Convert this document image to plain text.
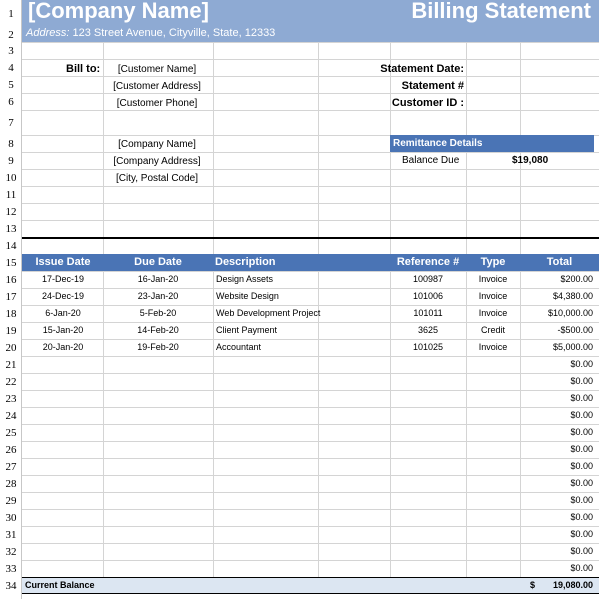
[Company Name]	Billing Statement
Address: 123 Street Avenue, Cityville, State, 12333
1
2
3
4
5
6
7
8
9
10
11
12
13
14
15
16
17
18
19
20
21
22
23
24
25
26
27
28
29
30
31
32
33
34
Bill to:	[Customer Name]
[Customer Address]
[Customer Phone]
[Company Name]
[Company Address]
[City, Postal Code]
Statement Date:
Statement #
Customer ID :
Remittance Details
Balance Due	$19,080
Issue Date	Due Date	Description	Reference #	Type	Total
17-Dec-19	16-Jan-20	Design Assets	100987	Invoice	$200.00
24-Dec-19	23-Jan-20	Website Design	101006	Invoice	$4,380.00
6-Jan-20	5-Feb-20	Web Development Project	101011	Invoice	$10,000.00
15-Jan-20	14-Feb-20	Client Payment	3625	Credit	-$500.00
20-Jan-20	19-Feb-20	Accountant	101025	Invoice	$5,000.00
$0.00
$0.00
$0.00
$0.00
$0.00
$0.00
$0.00
$0.00
$0.00
$0.00
$0.00
$0.00
$0.00
Current Balance	$	19,080.00
